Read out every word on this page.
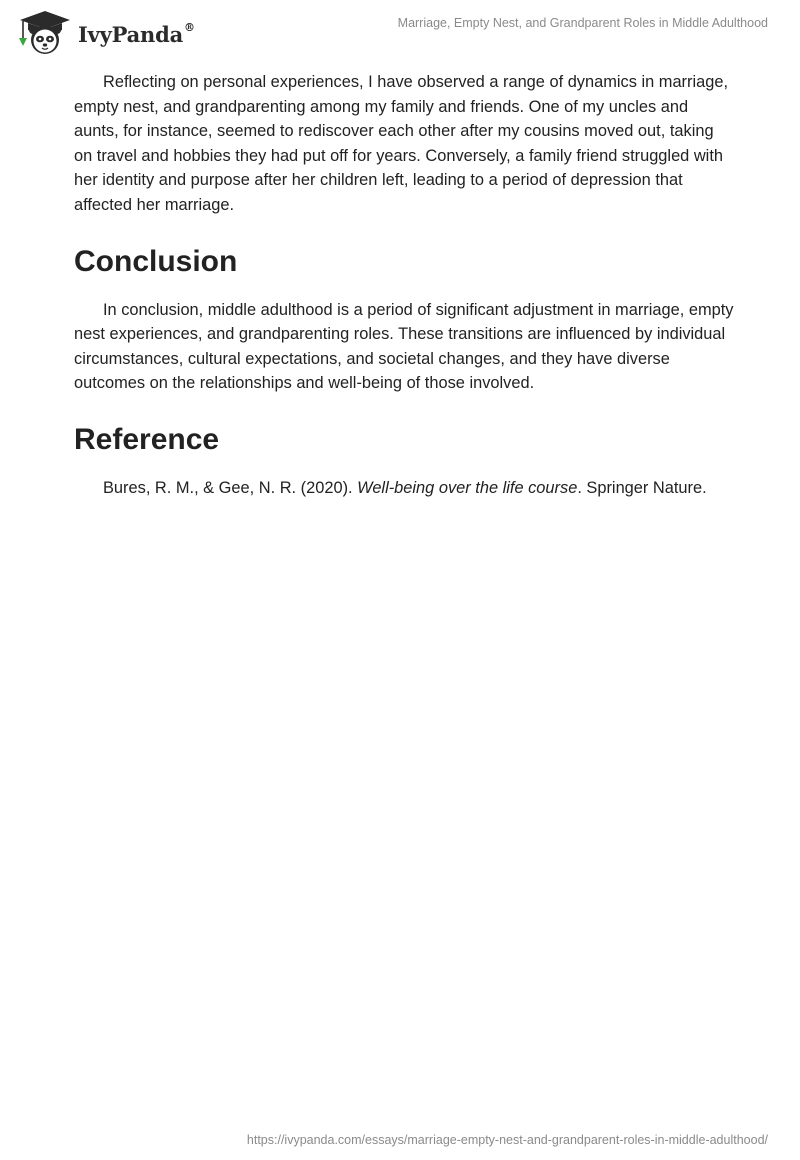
IvyPanda®	Marriage, Empty Nest, and Grandparent Roles in Middle Adulthood

Reflecting on personal experiences, I have observed a range of dynamics in marriage, empty nest, and grandparenting among my family and friends. One of my uncles and aunts, for instance, seemed to rediscover each other after my cousins moved out, taking on travel and hobbies they had put off for years. Conversely, a family friend struggled with her identity and purpose after her children left, leading to a period of depression that affected her marriage.

Conclusion

In conclusion, middle adulthood is a period of significant adjustment in marriage, empty nest experiences, and grandparenting roles. These transitions are influenced by individual circumstances, cultural expectations, and societal changes, and they have diverse outcomes on the relationships and well-being of those involved.

Reference

Bures, R. M., & Gee, N. R. (2020). Well-being over the life course. Springer Nature.

https://ivypanda.com/essays/marriage-empty-nest-and-grandparent-roles-in-middle-adulthood/
